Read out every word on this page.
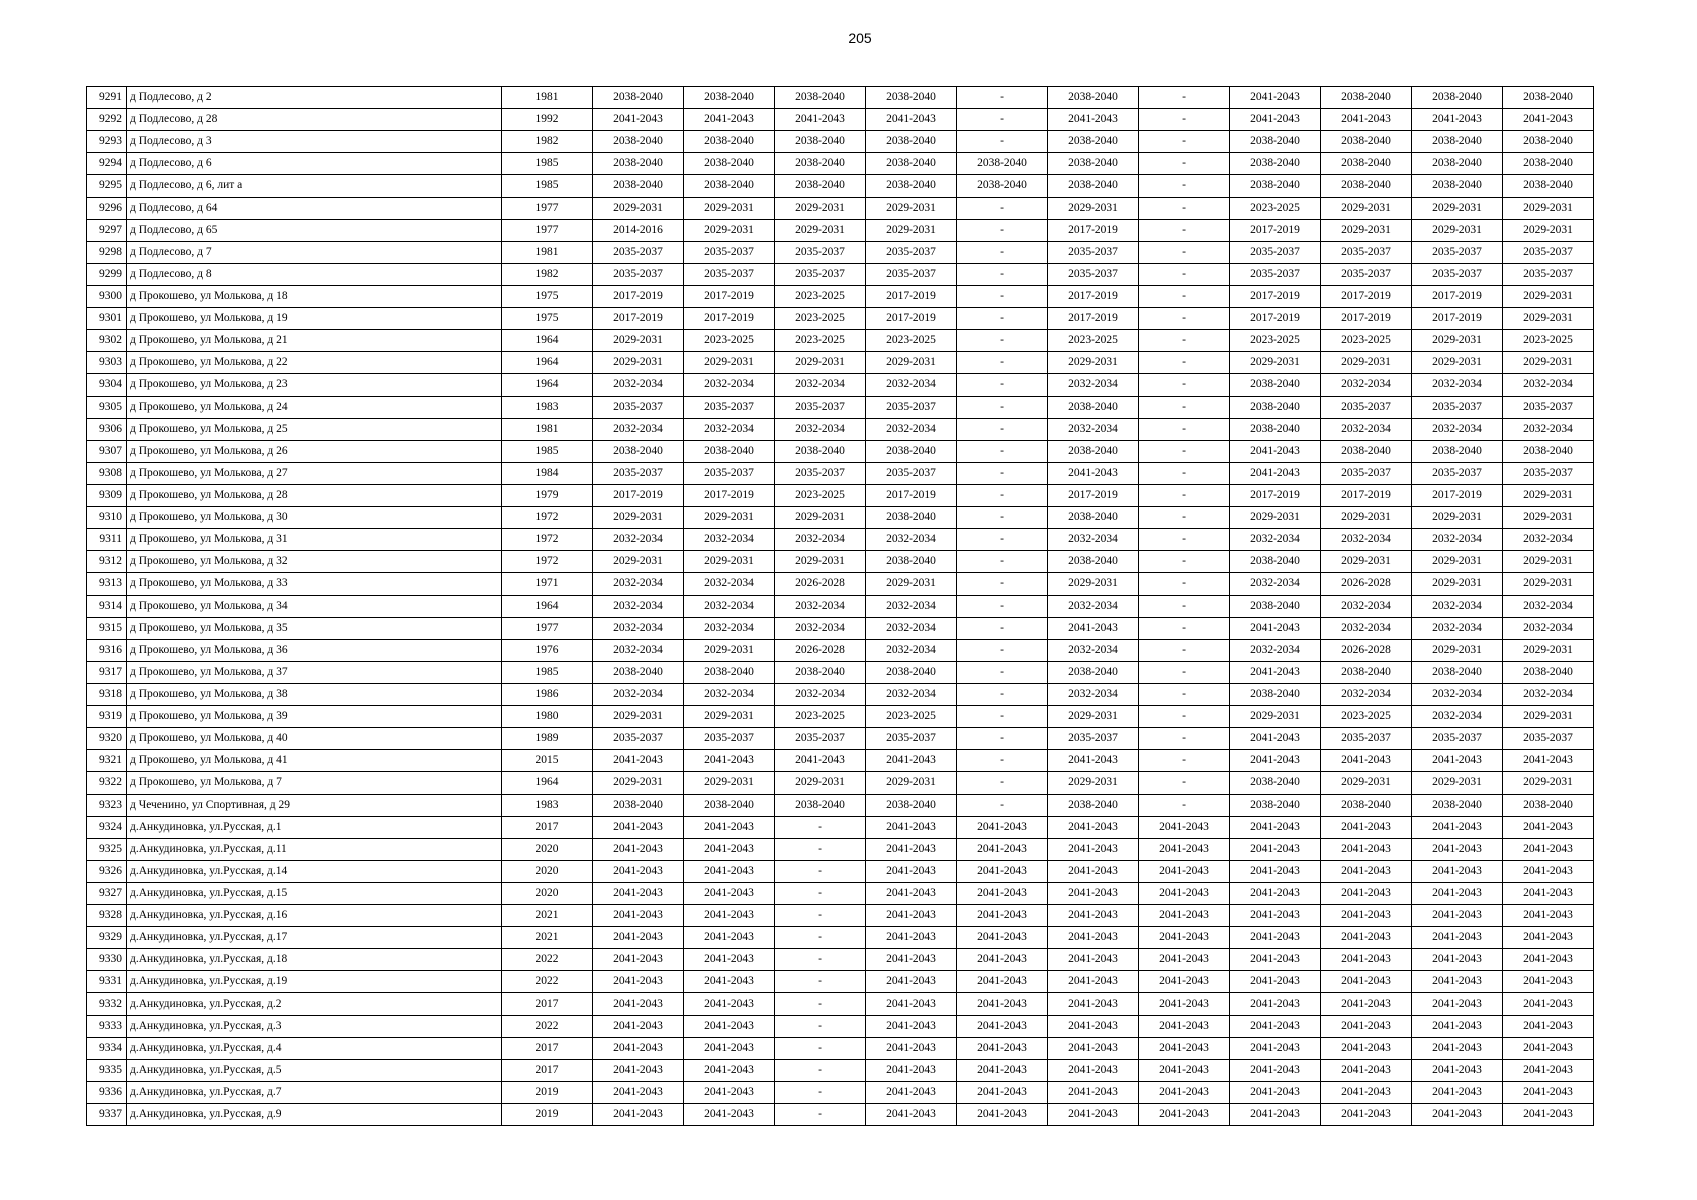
205
9291	д Подлесово, д 2	1981	2038-2040	2038-2040	2038-2040	2038-2040	-	2038-2040	-	2041-2043	2038-2040	2038-2040	2038-2040
9292	д Подлесово, д 28	1992	2041-2043	2041-2043	2041-2043	2041-2043	-	2041-2043	-	2041-2043	2041-2043	2041-2043	2041-2043
9293	д Подлесово, д 3	1982	2038-2040	2038-2040	2038-2040	2038-2040	-	2038-2040	-	2038-2040	2038-2040	2038-2040	2038-2040
9294	д Подлесово, д 6	1985	2038-2040	2038-2040	2038-2040	2038-2040	2038-2040	2038-2040	-	2038-2040	2038-2040	2038-2040	2038-2040
9295	д Подлесово, д 6, лит а	1985	2038-2040	2038-2040	2038-2040	2038-2040	2038-2040	2038-2040	-	2038-2040	2038-2040	2038-2040	2038-2040
9296	д Подлесово, д 64	1977	2029-2031	2029-2031	2029-2031	2029-2031	-	2029-2031	-	2023-2025	2029-2031	2029-2031	2029-2031
9297	д Подлесово, д 65	1977	2014-2016	2029-2031	2029-2031	2029-2031	-	2017-2019	-	2017-2019	2029-2031	2029-2031	2029-2031
9298	д Подлесово, д 7	1981	2035-2037	2035-2037	2035-2037	2035-2037	-	2035-2037	-	2035-2037	2035-2037	2035-2037	2035-2037
9299	д Подлесово, д 8	1982	2035-2037	2035-2037	2035-2037	2035-2037	-	2035-2037	-	2035-2037	2035-2037	2035-2037	2035-2037
9300	д Прокошево, ул Молькова, д 18	1975	2017-2019	2017-2019	2023-2025	2017-2019	-	2017-2019	-	2017-2019	2017-2019	2017-2019	2029-2031
9301	д Прокошево, ул Молькова, д 19	1975	2017-2019	2017-2019	2023-2025	2017-2019	-	2017-2019	-	2017-2019	2017-2019	2017-2019	2029-2031
9302	д Прокошево, ул Молькова, д 21	1964	2029-2031	2023-2025	2023-2025	2023-2025	-	2023-2025	-	2023-2025	2023-2025	2029-2031	2023-2025
9303	д Прокошево, ул Молькова, д 22	1964	2029-2031	2029-2031	2029-2031	2029-2031	-	2029-2031	-	2029-2031	2029-2031	2029-2031	2029-2031
9304	д Прокошево, ул Молькова, д 23	1964	2032-2034	2032-2034	2032-2034	2032-2034	-	2032-2034	-	2038-2040	2032-2034	2032-2034	2032-2034
9305	д Прокошево, ул Молькова, д 24	1983	2035-2037	2035-2037	2035-2037	2035-2037	-	2038-2040	-	2038-2040	2035-2037	2035-2037	2035-2037
9306	д Прокошево, ул Молькова, д 25	1981	2032-2034	2032-2034	2032-2034	2032-2034	-	2032-2034	-	2038-2040	2032-2034	2032-2034	2032-2034
9307	д Прокошево, ул Молькова, д 26	1985	2038-2040	2038-2040	2038-2040	2038-2040	-	2038-2040	-	2041-2043	2038-2040	2038-2040	2038-2040
9308	д Прокошево, ул Молькова, д 27	1984	2035-2037	2035-2037	2035-2037	2035-2037	-	2041-2043	-	2041-2043	2035-2037	2035-2037	2035-2037
9309	д Прокошево, ул Молькова, д 28	1979	2017-2019	2017-2019	2023-2025	2017-2019	-	2017-2019	-	2017-2019	2017-2019	2017-2019	2029-2031
9310	д Прокошево, ул Молькова, д 30	1972	2029-2031	2029-2031	2029-2031	2038-2040	-	2038-2040	-	2029-2031	2029-2031	2029-2031	2029-2031
9311	д Прокошево, ул Молькова, д 31	1972	2032-2034	2032-2034	2032-2034	2032-2034	-	2032-2034	-	2032-2034	2032-2034	2032-2034	2032-2034
9312	д Прокошево, ул Молькова, д 32	1972	2029-2031	2029-2031	2029-2031	2038-2040	-	2038-2040	-	2038-2040	2029-2031	2029-2031	2029-2031
9313	д Прокошево, ул Молькова, д 33	1971	2032-2034	2032-2034	2026-2028	2029-2031	-	2029-2031	-	2032-2034	2026-2028	2029-2031	2029-2031
9314	д Прокошево, ул Молькова, д 34	1964	2032-2034	2032-2034	2032-2034	2032-2034	-	2032-2034	-	2038-2040	2032-2034	2032-2034	2032-2034
9315	д Прокошево, ул Молькова, д 35	1977	2032-2034	2032-2034	2032-2034	2032-2034	-	2041-2043	-	2041-2043	2032-2034	2032-2034	2032-2034
9316	д Прокошево, ул Молькова, д 36	1976	2032-2034	2029-2031	2026-2028	2032-2034	-	2032-2034	-	2032-2034	2026-2028	2029-2031	2029-2031
9317	д Прокошево, ул Молькова, д 37	1985	2038-2040	2038-2040	2038-2040	2038-2040	-	2038-2040	-	2041-2043	2038-2040	2038-2040	2038-2040
9318	д Прокошево, ул Молькова, д 38	1986	2032-2034	2032-2034	2032-2034	2032-2034	-	2032-2034	-	2038-2040	2032-2034	2032-2034	2032-2034
9319	д Прокошево, ул Молькова, д 39	1980	2029-2031	2029-2031	2023-2025	2023-2025	-	2029-2031	-	2029-2031	2023-2025	2032-2034	2029-2031
9320	д Прокошево, ул Молькова, д 40	1989	2035-2037	2035-2037	2035-2037	2035-2037	-	2035-2037	-	2041-2043	2035-2037	2035-2037	2035-2037
9321	д Прокошево, ул Молькова, д 41	2015	2041-2043	2041-2043	2041-2043	2041-2043	-	2041-2043	-	2041-2043	2041-2043	2041-2043	2041-2043
9322	д Прокошево, ул Молькова, д 7	1964	2029-2031	2029-2031	2029-2031	2029-2031	-	2029-2031	-	2038-2040	2029-2031	2029-2031	2029-2031
9323	д Чеченино, ул Спортивная, д 29	1983	2038-2040	2038-2040	2038-2040	2038-2040	-	2038-2040	-	2038-2040	2038-2040	2038-2040	2038-2040
9324	д.Анкудиновка, ул.Русская, д.1	2017	2041-2043	2041-2043	-	2041-2043	2041-2043	2041-2043	2041-2043	2041-2043	2041-2043	2041-2043	2041-2043
9325	д.Анкудиновка, ул.Русская, д.11	2020	2041-2043	2041-2043	-	2041-2043	2041-2043	2041-2043	2041-2043	2041-2043	2041-2043	2041-2043	2041-2043
9326	д.Анкудиновка, ул.Русская, д.14	2020	2041-2043	2041-2043	-	2041-2043	2041-2043	2041-2043	2041-2043	2041-2043	2041-2043	2041-2043	2041-2043
9327	д.Анкудиновка, ул.Русская, д.15	2020	2041-2043	2041-2043	-	2041-2043	2041-2043	2041-2043	2041-2043	2041-2043	2041-2043	2041-2043	2041-2043
9328	д.Анкудиновка, ул.Русская, д.16	2021	2041-2043	2041-2043	-	2041-2043	2041-2043	2041-2043	2041-2043	2041-2043	2041-2043	2041-2043	2041-2043
9329	д.Анкудиновка, ул.Русская, д.17	2021	2041-2043	2041-2043	-	2041-2043	2041-2043	2041-2043	2041-2043	2041-2043	2041-2043	2041-2043	2041-2043
9330	д.Анкудиновка, ул.Русская, д.18	2022	2041-2043	2041-2043	-	2041-2043	2041-2043	2041-2043	2041-2043	2041-2043	2041-2043	2041-2043	2041-2043
9331	д.Анкудиновка, ул.Русская, д.19	2022	2041-2043	2041-2043	-	2041-2043	2041-2043	2041-2043	2041-2043	2041-2043	2041-2043	2041-2043	2041-2043
9332	д.Анкудиновка, ул.Русская, д.2	2017	2041-2043	2041-2043	-	2041-2043	2041-2043	2041-2043	2041-2043	2041-2043	2041-2043	2041-2043	2041-2043
9333	д.Анкудиновка, ул.Русская, д.3	2022	2041-2043	2041-2043	-	2041-2043	2041-2043	2041-2043	2041-2043	2041-2043	2041-2043	2041-2043	2041-2043
9334	д.Анкудиновка, ул.Русская, д.4	2017	2041-2043	2041-2043	-	2041-2043	2041-2043	2041-2043	2041-2043	2041-2043	2041-2043	2041-2043	2041-2043
9335	д.Анкудиновка, ул.Русская, д.5	2017	2041-2043	2041-2043	-	2041-2043	2041-2043	2041-2043	2041-2043	2041-2043	2041-2043	2041-2043	2041-2043
9336	д.Анкудиновка, ул.Русская, д.7	2019	2041-2043	2041-2043	-	2041-2043	2041-2043	2041-2043	2041-2043	2041-2043	2041-2043	2041-2043	2041-2043
9337	д.Анкудиновка, ул.Русская, д.9	2019	2041-2043	2041-2043	-	2041-2043	2041-2043	2041-2043	2041-2043	2041-2043	2041-2043	2041-2043	2041-2043
